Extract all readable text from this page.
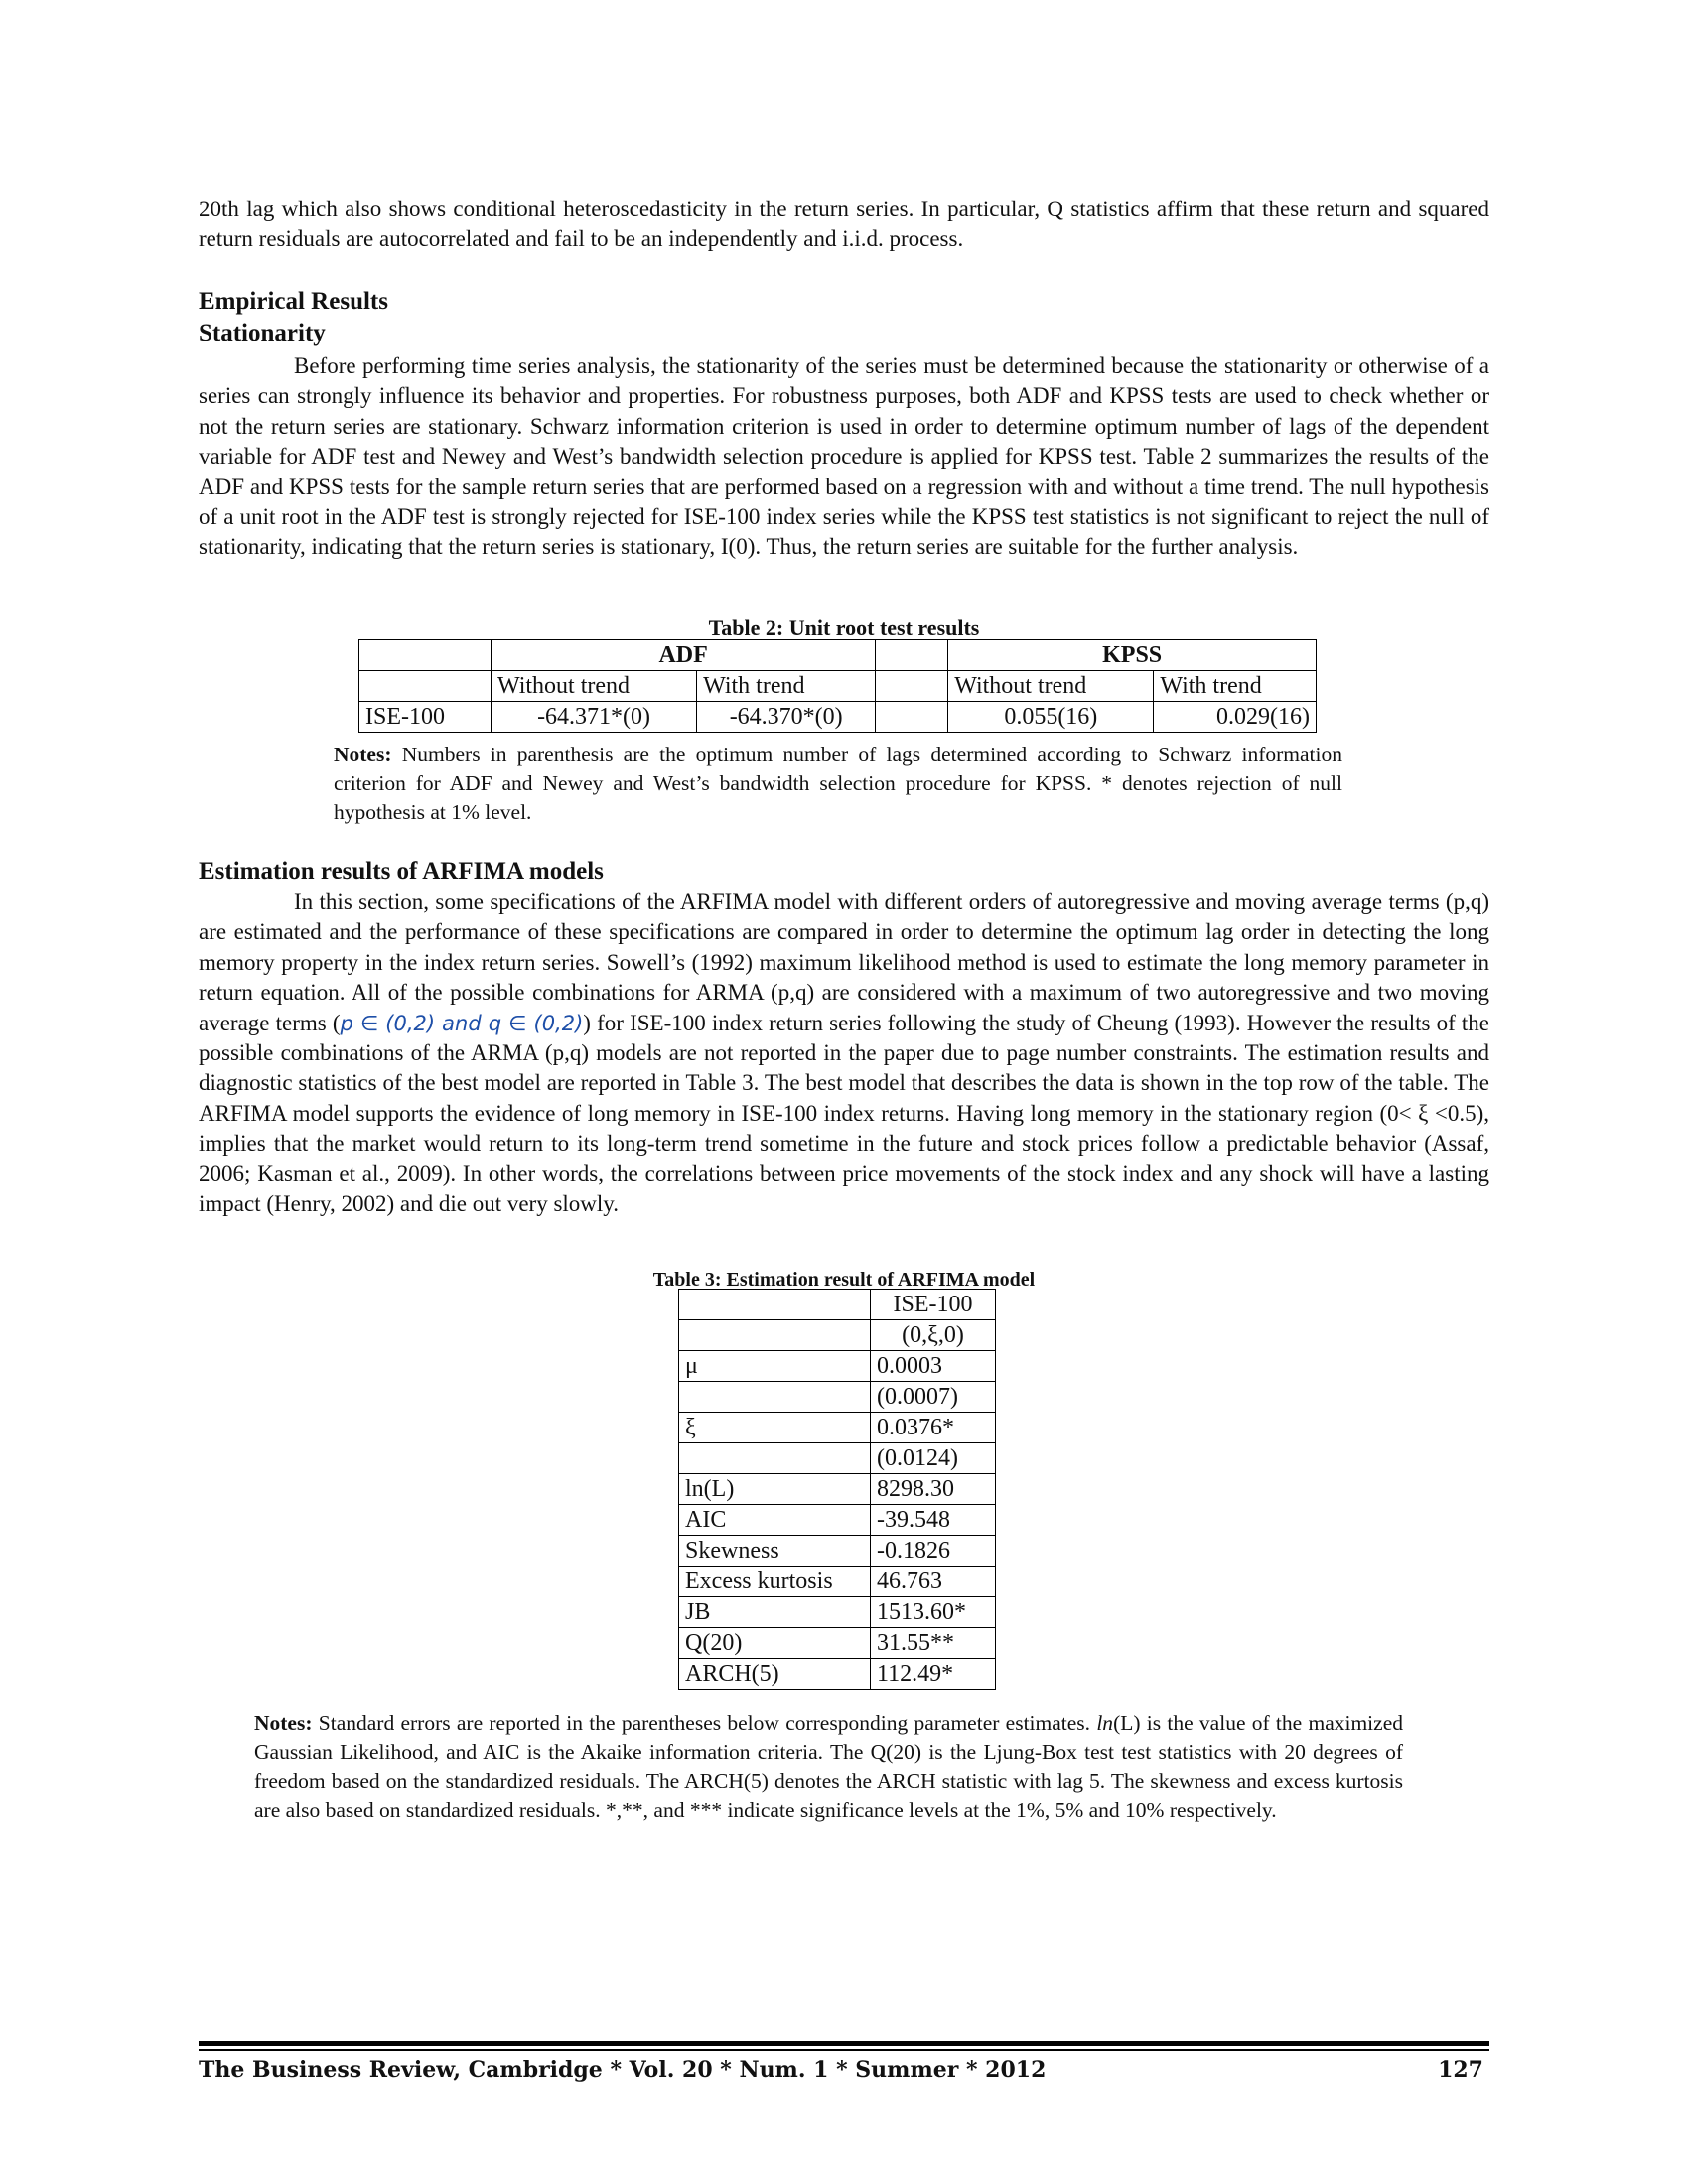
20th lag which also shows conditional heteroscedasticity in the return series. In particular, Q statistics affirm that these return and squared return residuals are autocorrelated and fail to be an independently and i.i.d. process.

Empirical Results
Stationarity

Before performing time series analysis, the stationarity of the series must be determined because the stationarity or otherwise of a series can strongly influence its behavior and properties. For robustness purposes, both ADF and KPSS tests are used to check whether or not the return series are stationary. Schwarz information criterion is used in order to determine optimum number of lags of the dependent variable for ADF test and Newey and West’s bandwidth selection procedure is applied for KPSS test. Table 2 summarizes the results of the ADF and KPSS tests for the sample return series that are performed based on a regression with and without a time trend. The null hypothesis of a unit root in the ADF test is strongly rejected for ISE-100 index series while the KPSS test statistics is not significant to reject the null of stationarity, indicating that the return series is stationary, I(0). Thus, the return series are suitable for the further analysis.

Table 2: Unit root test results
	ADF			KPSS	
	Without trend	With trend		Without trend	With trend
ISE-100	-64.371*(0)	-64.370*(0)		0.055(16)	0.029(16)
Notes: Numbers in parenthesis are the optimum number of lags determined according to Schwarz information criterion for ADF and Newey and West’s bandwidth selection procedure for KPSS. * denotes rejection of null hypothesis at 1% level.
Estimation results of ARFIMA models

In this section, some specifications of the ARFIMA model with different orders of autoregressive and moving average terms (p,q) are estimated and the performance of these specifications are compared in order to determine the optimum lag order in detecting the long memory property in the index return series. Sowell’s (1992) maximum likelihood method is used to estimate the long memory parameter in return equation. All of the possible combinations for ARMA (p,q) are considered with a maximum of two autoregressive and two moving average terms (p ∈ (0,2) and q ∈ (0,2)) for ISE-100 index return series following the study of Cheung (1993). However the results of the possible combinations of the ARMA (p,q) models are not reported in the paper due to page number constraints. The estimation results and diagnostic statistics of the best model are reported in Table 3. The best model that describes the data is shown in the top row of the table. The ARFIMA model supports the evidence of long memory in ISE-100 index returns. Having long memory in the stationary region (0< ξ <0.5), implies that the market would return to its long-term trend sometime in the future and stock prices follow a predictable behavior (Assaf, 2006; Kasman et al., 2009). In other words, the correlations between price movements of the stock index and any shock will have a lasting impact (Henry, 2002) and die out very slowly.

Table 3: Estimation result of ARFIMA model
	ISE-100
	(0,ξ,0)
μ	0.0003
	(0.0007)
ξ	0.0376*
	(0.0124)
ln(L)	8298.30
AIC	-39.548
Skewness	-0.1826
Excess kurtosis	46.763
JB	1513.60*
Q(20)	31.55**
ARCH(5)	112.49*
Notes: Standard errors are reported in the parentheses below corresponding parameter estimates. ln(L) is the value of the maximized Gaussian Likelihood, and AIC is the Akaike information criteria. The Q(20) is the Ljung-Box test test statistics with 20 degrees of freedom based on the standardized residuals. The ARCH(5) denotes the ARCH statistic with lag 5. The skewness and excess kurtosis are also based on standardized residuals. *,**, and *** indicate significance levels at the 1%, 5% and 10% respectively.
The Business Review, Cambridge * Vol. 20 * Num. 1 * Summer * 2012	127
